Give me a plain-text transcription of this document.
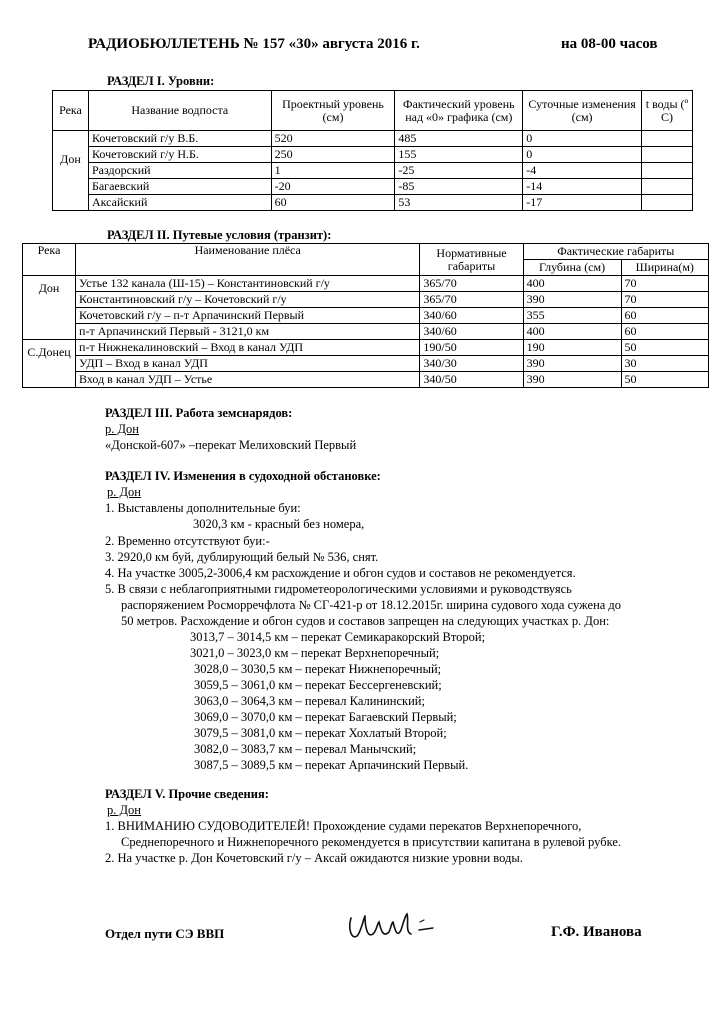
РАДИОБЮЛЛЕТЕНЬ № 157 «30» августа 2016 г.	на 08-00 часов
РАЗДЕЛ I. Уровни:
Река	Название водпоста	Проектный уровень (см)	Фактический уровень над «0» графика (см)	Суточные изменения (см)	t воды (º С)
Дон	Кочетовский г/у В.Б.	520	485	0	
	Кочетовский г/у Н.Б.	250	155	0	
	Раздорский	1	-25	-4	
	Багаевский	-20	-85	-14	
	Аксайский	60	53	-17	
РАЗДЕЛ II. Путевые условия (транзит):
Река	Наименование плёса	Нормативные габариты	Фактические габариты	
			Глубина (см)	Ширина(м)
Дон	Устье 132 канала (Ш-15) – Константиновский г/у	365/70	400	70
	Константиновский г/у – Кочетовский г/у	365/70	390	70
	Кочетовский г/у – п-т Арпачинский Первый	340/60	355	60
	п-т Арпачинский Первый - 3121,0 км	340/60	400	60
С.Донец	п-т Нижнекалиновский – Вход в канал УДП	190/50	190	50
	УДП – Вход в канал УДП	340/30	390	30
	Вход в канал УДП – Устье	340/50	390	50
РАЗДЕЛ III. Работа земснарядов:
р. Дон
«Донской-607» –перекат Мелиховский Первый
РАЗДЕЛ IV. Изменения в судоходной обстановке:
р. Дон
1. Выставлены дополнительные буи:
3020,3 км - красный без номера,
2. Временно отсутствуют буи:-
3. 2920,0 км буй, дублирующий белый № 536, снят.
4. На участке 3005,2-3006,4 км расхождение и обгон судов и составов не рекомендуется.
5. В связи с неблагоприятными гидрометеорологическими условиями и руководствуясь
распоряжением Росморречфлота № СГ-421-р от 18.12.2015г. ширина судового хода сужена до
50 метров. Расхождение и обгон судов и составов запрещен на следующих участках р. Дон:
3013,7 – 3014,5 км – перекат Семикаракорский Второй;
3021,0 – 3023,0 км – перекат Верхнепоречный;
3028,0 – 3030,5 км – перекат Нижнепоречный;
3059,5 – 3061,0 км – перекат Бессергеневский;
3063,0 – 3064,3 км – перевал Калининский;
3069,0 – 3070,0 км – перекат Багаевский Первый;
3079,5 – 3081,0 км – перекат Хохлатый Второй;
3082,0 – 3083,7 км – перевал Манычский;
3087,5 – 3089,5 км – перекат Арпачинский Первый.
РАЗДЕЛ V. Прочие сведения:
р. Дон
1. ВНИМАНИЮ СУДОВОДИТЕЛЕЙ! Прохождение судами перекатов Верхнепоречного,
Среднепоречного и Нижнепоречного рекомендуется в присутствии капитана в рулевой рубке.
2. На участке р. Дон Кочетовский г/у – Аксай ожидаются низкие уровни воды.
Отдел пути СЭ ВВП	Г.Ф. Иванова
